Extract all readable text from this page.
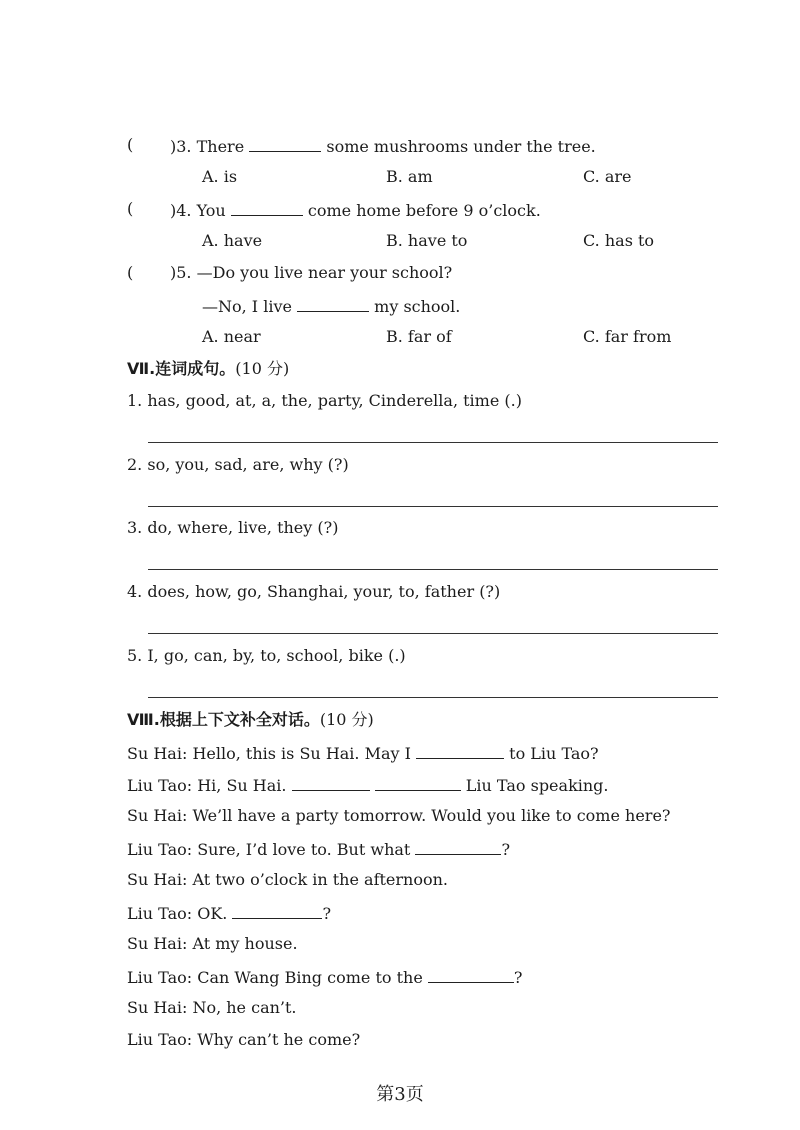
( )3. There	some mushrooms under the tree.
A. is	B. am	C. are
( )4. You	come home before 9 o’clock.
A. have	B. have to	C. has to
( )5. —Do you live near your school?
—No, I live	my school.
A. near	B. far of	C. far from
Ⅶ.连词成句。(10 分)
1. has, good, at, a, the, party, Cinderella, time (.)
2. so, you, sad, are, why (?)
3. do, where, live, they (?)
4. does, how, go, Shanghai, your, to, father (?)
5. I, go, can, by, to, school, bike (.)
Ⅷ.根据上下文补全对话。(10 分)
Su Hai: Hello, this is Su Hai. May I	to Liu Tao?
Liu Tao: Hi, Su Hai.	Liu Tao speaking.
Su Hai: We’ll have a party tomorrow. Would you like to come here?
Liu Tao: Sure, I’d love to. But what	?
Su Hai: At two o’clock in the afternoon.
Liu Tao: OK.	?
Su Hai: At my house.
Liu Tao: Can Wang Bing come to the	?
Su Hai: No, he can’t.
Liu Tao: Why can’t he come?
第3页
